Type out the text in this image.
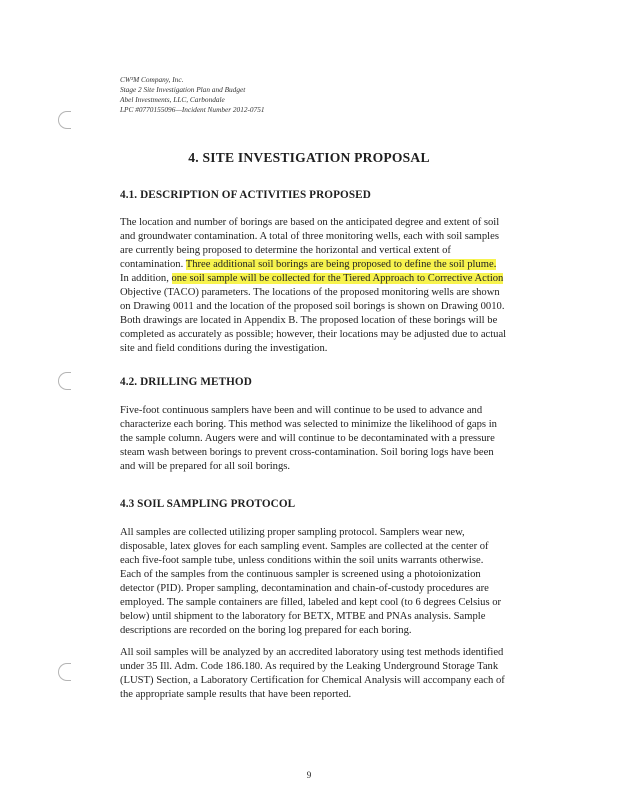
CW³M Company, Inc.
Stage 2 Site Investigation Plan and Budget
Abel Investments, LLC, Carbondale
LPC #0770155096—Incident Number 2012-0751
4. SITE INVESTIGATION PROPOSAL
4.1. DESCRIPTION OF ACTIVITIES PROPOSED
The location and number of borings are based on the anticipated degree and extent of soil
and groundwater contamination. A total of three monitoring wells, each with soil samples
are currently being proposed to determine the horizontal and vertical extent of
contamination. Three additional soil borings are being proposed to define the soil plume.
In addition, one soil sample will be collected for the Tiered Approach to Corrective Action
Objective (TACO) parameters. The locations of the proposed monitoring wells are shown
on Drawing 0011 and the location of the proposed soil borings is shown on Drawing 0010.
Both drawings are located in Appendix B. The proposed location of these borings will be
completed as accurately as possible; however, their locations may be adjusted due to actual
site and field conditions during the investigation.
4.2. DRILLING METHOD
Five-foot continuous samplers have been and will continue to be used to advance and
characterize each boring. This method was selected to minimize the likelihood of gaps in
the sample column. Augers were and will continue to be decontaminated with a pressure
steam wash between borings to prevent cross-contamination. Soil boring logs have been
and will be prepared for all soil borings.
4.3 SOIL SAMPLING PROTOCOL
All samples are collected utilizing proper sampling protocol. Samplers wear new,
disposable, latex gloves for each sampling event. Samples are collected at the center of
each five-foot sample tube, unless conditions within the soil units warrants otherwise.
Each of the samples from the continuous sampler is screened using a photoionization
detector (PID). Proper sampling, decontamination and chain-of-custody procedures are
employed. The sample containers are filled, labeled and kept cool (to 6 degrees Celsius or
below) until shipment to the laboratory for BETX, MTBE and PNAs analysis. Sample
descriptions are recorded on the boring log prepared for each boring.
All soil samples will be analyzed by an accredited laboratory using test methods identified
under 35 Ill. Adm. Code 186.180. As required by the Leaking Underground Storage Tank
(LUST) Section, a Laboratory Certification for Chemical Analysis will accompany each of
the appropriate sample results that have been reported.
9
